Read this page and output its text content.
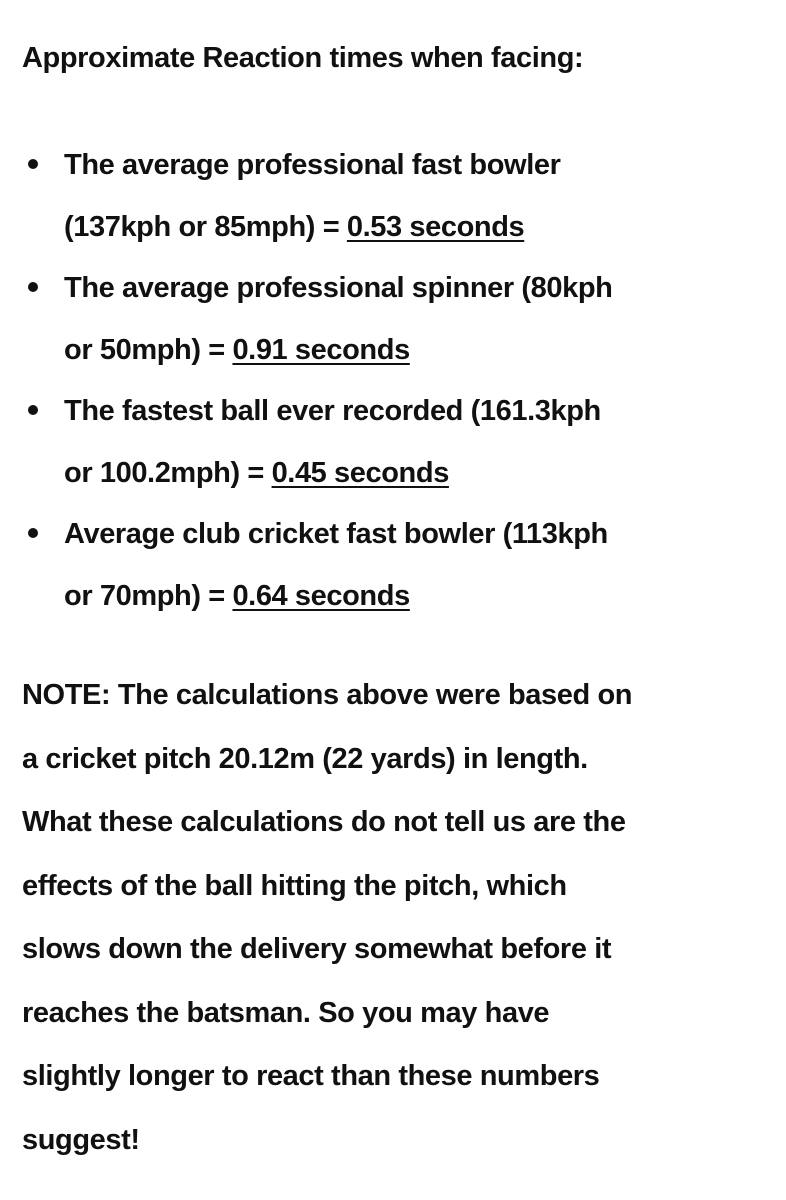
Approximate Reaction times when facing:
The average professional fast bowler
(137kph or 85mph) = 0.53 seconds
The average professional spinner (80kph
or 50mph) = 0.91 seconds
The fastest ball ever recorded (161.3kph
or 100.2mph) = 0.45 seconds
Average club cricket fast bowler (113kph
or 70mph) = 0.64 seconds
NOTE: The calculations above were based on
a cricket pitch 20.12m (22 yards) in length.
What these calculations do not tell us are the
effects of the ball hitting the pitch, which
slows down the delivery somewhat before it
reaches the batsman. So you may have
slightly longer to react than these numbers
suggest!
